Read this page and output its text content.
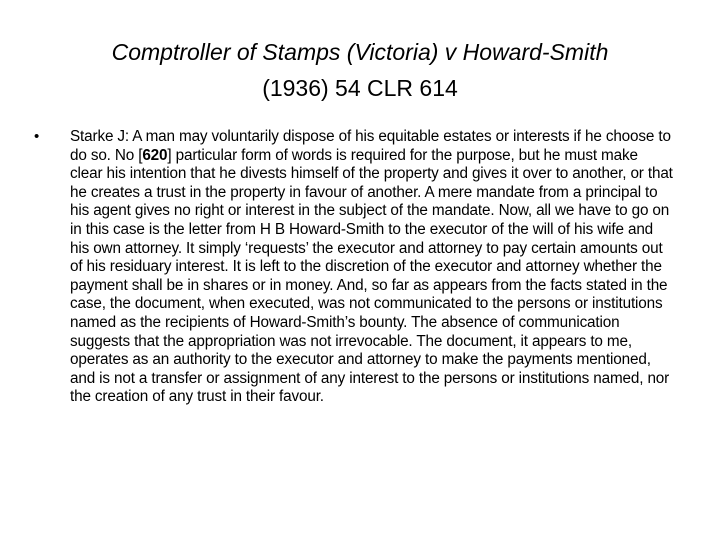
Comptroller of Stamps (Victoria) v Howard-Smith
(1936) 54 CLR 614
• Starke J: A man may voluntarily dispose of his equitable estates or interests if he choose to do so. No [620] particular form of words is required for the purpose, but he must make clear his intention that he divests himself of the property and gives it over to another, or that he creates a trust in the property in favour of another. A mere mandate from a principal to his agent gives no right or interest in the subject of the mandate. Now, all we have to go on in this case is the letter from H B Howard-Smith to the executor of the will of his wife and his own attorney. It simply ‘requests’ the executor and attorney to pay certain amounts out of his residuary interest. It is left to the discretion of the executor and attorney whether the payment shall be in shares or in money. And, so far as appears from the facts stated in the case, the document, when executed, was not communicated to the persons or institutions named as the recipients of Howard-Smith’s bounty. The absence of communication suggests that the appropriation was not irrevocable. The document, it appears to me, operates as an authority to the executor and attorney to make the payments mentioned, and is not a transfer or assignment of any interest to the persons or institutions named, nor the creation of any trust in their favour.
